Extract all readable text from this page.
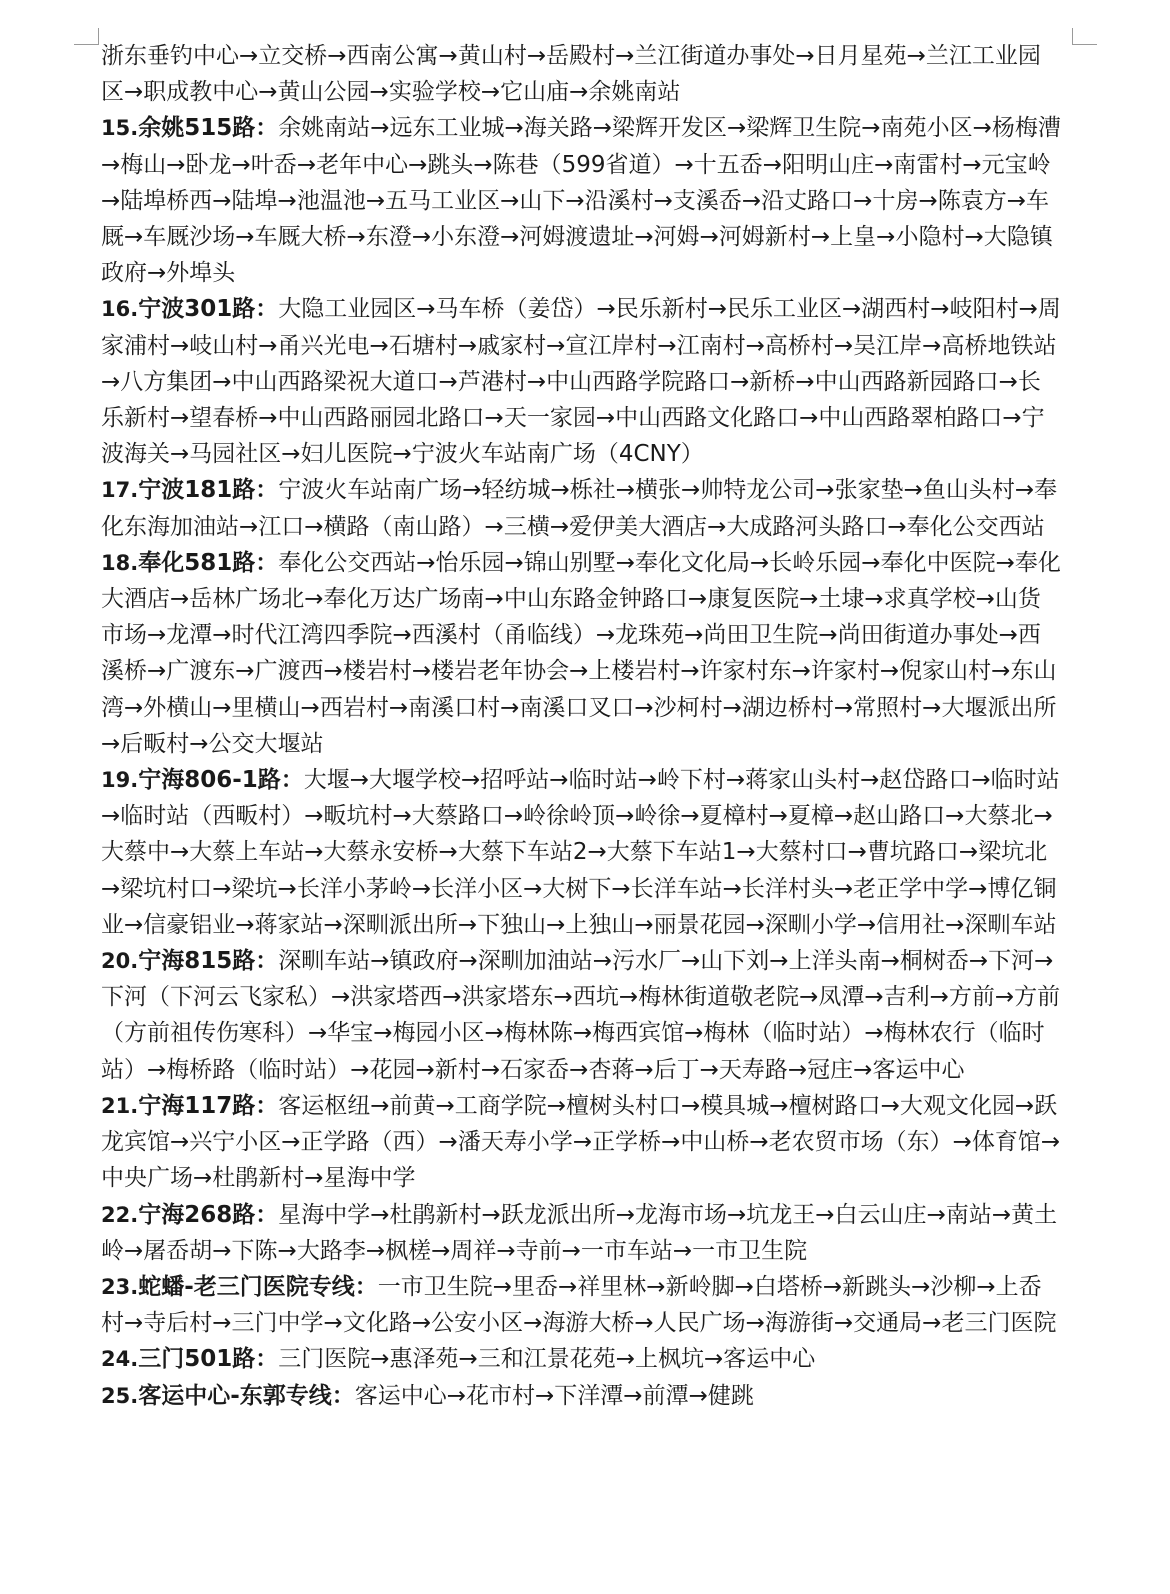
浙东垂钓中心→立交桥→西南公寓→黄山村→岳殿村→兰江街道办事处→日月星苑→兰江工业园区→职成教中心→黄山公园→实验学校→它山庙→余姚南站

15.余姚515路：余姚南站→远东工业城→海关路→梁辉开发区→梁辉卫生院→南苑小区→杨梅漕→梅山→卧龙→叶岙→老年中心→跳头→陈巷（599省道）→十五岙→阳明山庄→南雷村→元宝岭→陆埠桥西→陆埠→池温池→五马工业区→山下→沿溪村→支溪岙→沿丈路口→十房→陈袁方→车厩→车厩沙场→车厩大桥→东澄→小东澄→河姆渡遗址→河姆→河姆新村→上皇→小隐村→大隐镇政府→外埠头

16.宁波301路：大隐工业园区→马车桥（姜岱）→民乐新村→民乐工业区→湖西村→岐阳村→周家浦村→岐山村→甬兴光电→石塘村→戚家村→宣江岸村→江南村→高桥村→吴江岸→高桥地铁站→八方集团→中山西路梁祝大道口→芦港村→中山西路学院路口→新桥→中山西路新园路口→长乐新村→望春桥→中山西路丽园北路口→天一家园→中山西路文化路口→中山西路翠柏路口→宁波海关→马园社区→妇儿医院→宁波火车站南广场（4CNY）

17.宁波181路：宁波火车站南广场→轻纺城→栎社→横张→帅特龙公司→张家垫→鱼山头村→奉化东海加油站→江口→横路（南山路）→三横→爱伊美大酒店→大成路河头路口→奉化公交西站

18.奉化581路：奉化公交西站→怡乐园→锦山别墅→奉化文化局→长岭乐园→奉化中医院→奉化大酒店→岳林广场北→奉化万达广场南→中山东路金钟路口→康复医院→土埭→求真学校→山货市场→龙潭→时代江湾四季院→西溪村（甬临线）→龙珠苑→尚田卫生院→尚田街道办事处→西溪桥→广渡东→广渡西→楼岩村→楼岩老年协会→上楼岩村→许家村东→许家村→倪家山村→东山湾→外横山→里横山→西岩村→南溪口村→南溪口叉口→沙柯村→湖边桥村→常照村→大堰派出所→后畈村→公交大堰站

19.宁海806-1路：大堰→大堰学校→招呼站→临时站→岭下村→蒋家山头村→赵岱路口→临时站→临时站（西畈村）→畈坑村→大蔡路口→岭徐岭顶→岭徐→夏樟村→夏樟→赵山路口→大蔡北→大蔡中→大蔡上车站→大蔡永安桥→大蔡下车站2→大蔡下车站1→大蔡村口→曹坑路口→梁坑北→梁坑村口→梁坑→长洋小茅岭→长洋小区→大树下→长洋车站→长洋村头→老正学中学→博亿铜业→信豪铝业→蒋家站→深甽派出所→下独山→上独山→丽景花园→深甽小学→信用社→深甽车站

20.宁海815路：深甽车站→镇政府→深甽加油站→污水厂→山下刘→上洋头南→桐树岙→下河→下河（下河云飞家私）→洪家塔西→洪家塔东→西坑→梅林街道敬老院→凤潭→吉利→方前→方前（方前祖传伤寒科）→华宝→梅园小区→梅林陈→梅西宾馆→梅林（临时站）→梅林农行（临时站）→梅桥路（临时站）→花园→新村→石家岙→杏蒋→后丁→天寿路→冠庄→客运中心

21.宁海117路：客运枢纽→前黄→工商学院→檀树头村口→模具城→檀树路口→大观文化园→跃龙宾馆→兴宁小区→正学路（西）→潘天寿小学→正学桥→中山桥→老农贸市场（东）→体育馆→中央广场→杜鹃新村→星海中学

22.宁海268路：星海中学→杜鹃新村→跃龙派出所→龙海市场→坑龙王→白云山庄→南站→黄土岭→屠岙胡→下陈→大路李→枫槎→周祥→寺前→一市车站→一市卫生院

23.蛇蟠-老三门医院专线：一市卫生院→里岙→祥里林→新岭脚→白塔桥→新跳头→沙柳→上岙村→寺后村→三门中学→文化路→公安小区→海游大桥→人民广场→海游街→交通局→老三门医院

24.三门501路：三门医院→惠泽苑→三和江景花苑→上枫坑→客运中心

25.客运中心-东郭专线：客运中心→花市村→下洋潭→前潭→健跳
